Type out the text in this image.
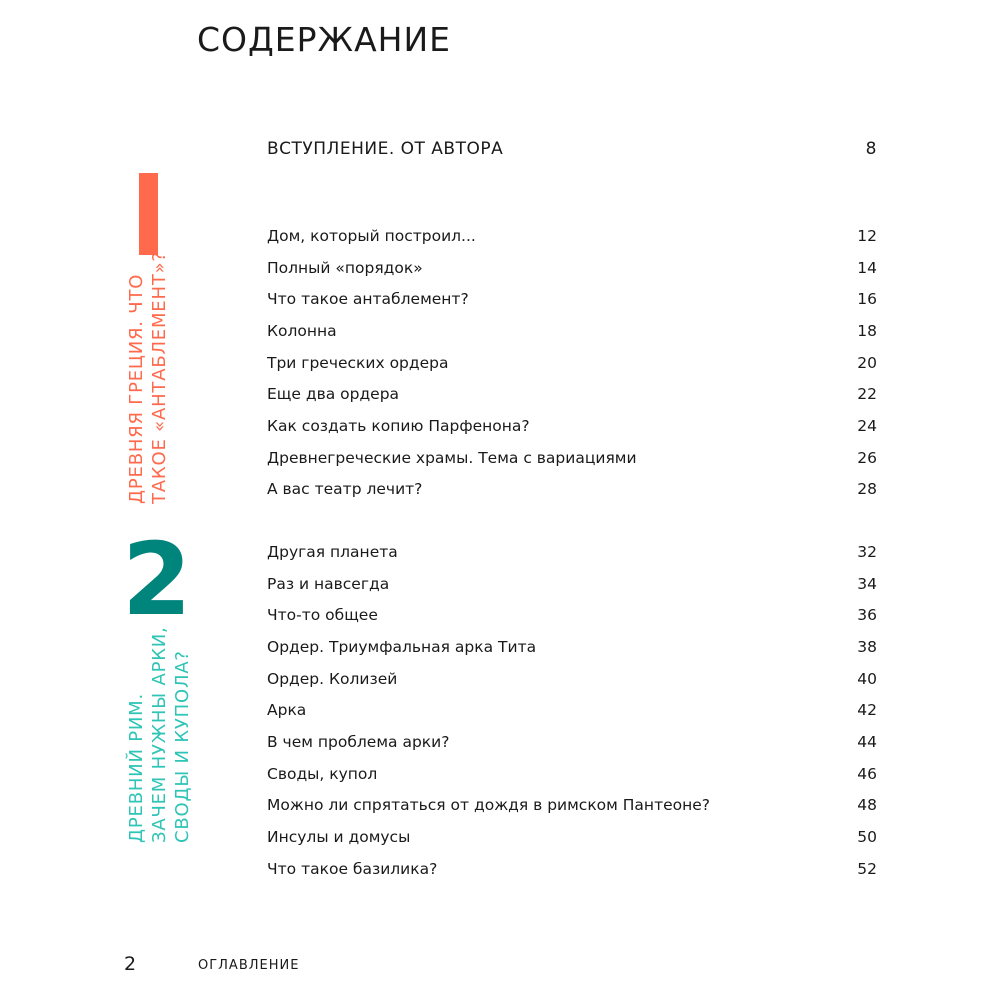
СОДЕРЖАНИЕ
ВСТУПЛЕНИЕ. ОТ АВТОРА	8
ДРЕВНЯЯ ГРЕЦИЯ. ЧТО ТАКОЕ «АНТАБЛЕМЕНТ»?
2
ДРЕВНИЙ РИМ. ЗАЧЕМ НУЖНЫ АРКИ, СВОДЫ И КУПОЛА?
Дом, который построил...	12
Полный «порядок»	14
Что такое антаблемент?	16
Колонна	18
Три греческих ордера	20
Еще два ордера	22
Как создать копию Парфенона?	24
Древнегреческие храмы. Тема с вариациями	26
А вас театр лечит?	28
Другая планета	32
Раз и навсегда	34
Что-то общее	36
Ордер. Триумфальная арка Тита	38
Ордер. Колизей	40
Арка	42
В чем проблема арки?	44
Своды, купол	46
Можно ли спрятаться от дождя в римском Пантеоне?	48
Инсулы и домусы	50
Что такое базилика?	52
2	ОГЛАВЛЕНИЕ
